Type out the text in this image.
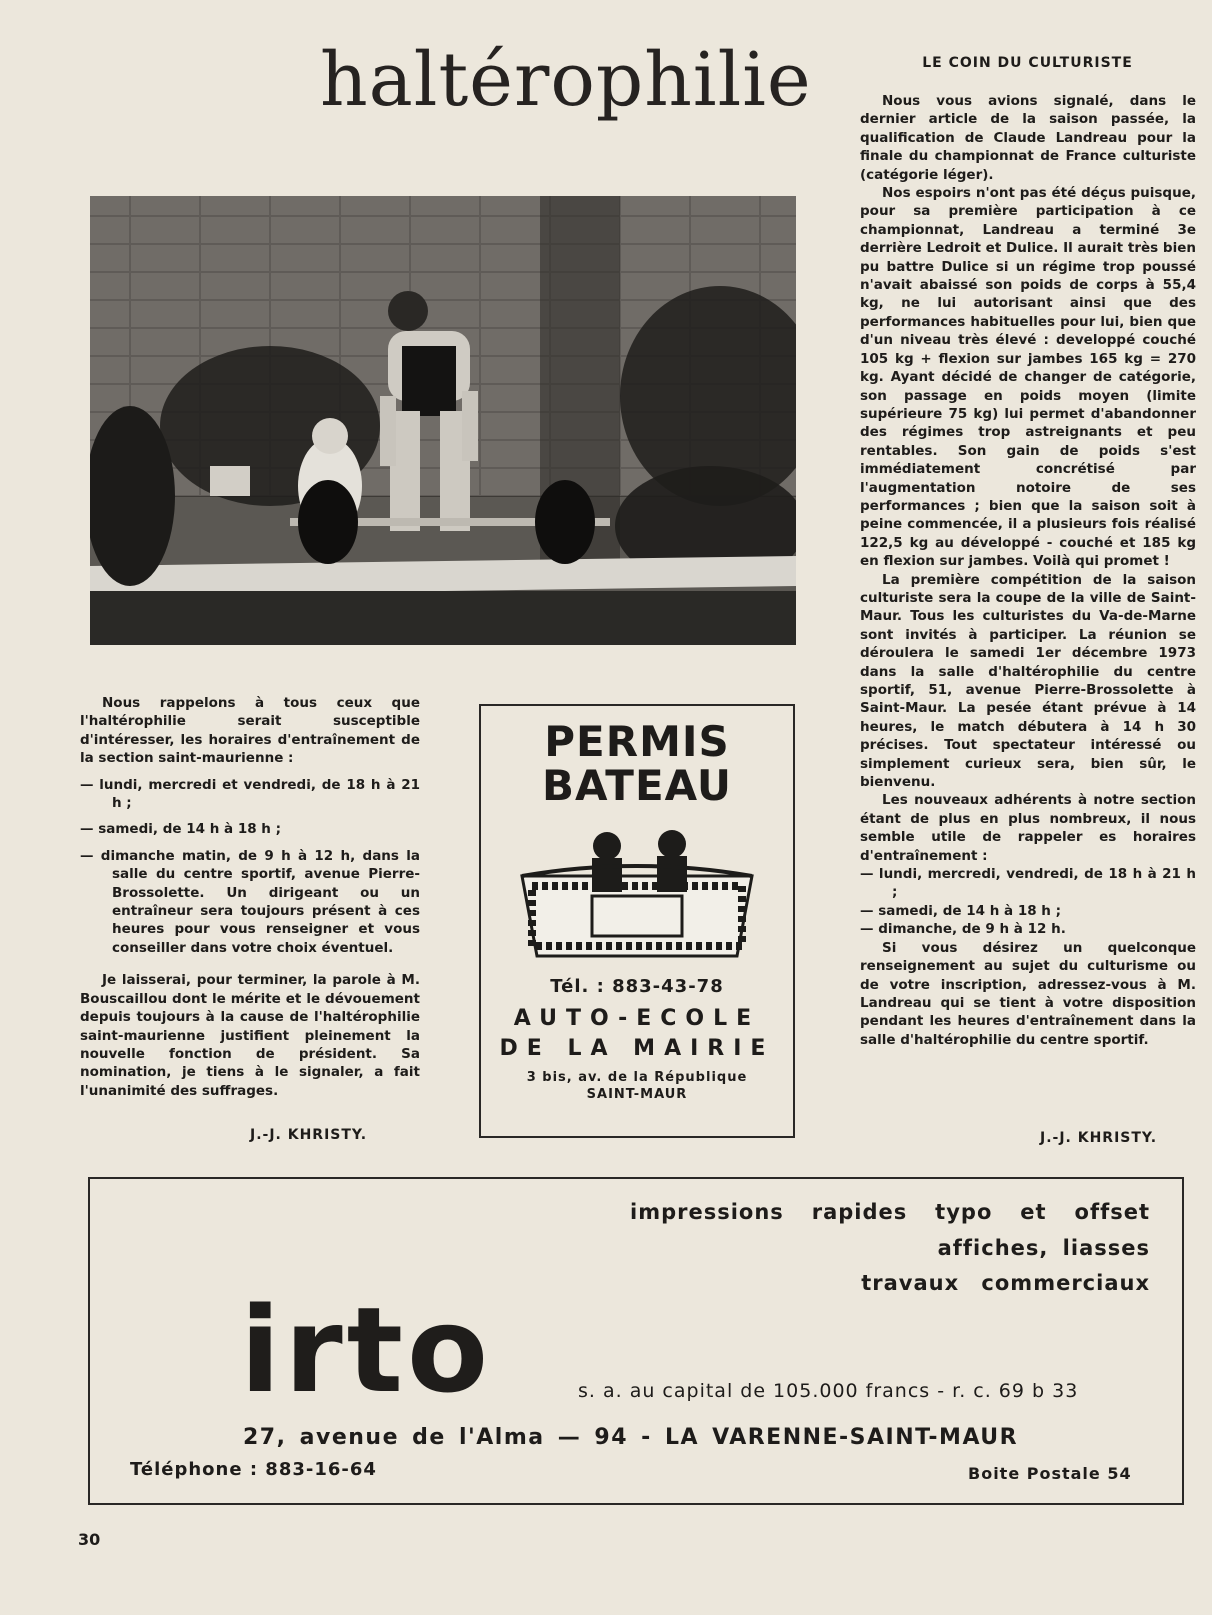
haltérophilie	LE COIN DU CULTURISTE

Nous vous avions signalé, dans le dernier article de la saison passée, la qualification de Claude Landreau pour la finale du championnat de France culturiste (catégorie léger).

Nos espoirs n'ont pas été déçus puisque, pour sa première participation à ce championnat, Landreau a terminé 3e derrière Ledroit et Dulice. Il aurait très bien pu battre Dulice si un régime trop poussé n'avait abaissé son poids de corps à 55,4 kg, ne lui autorisant ainsi que des performances habituelles pour lui, bien que d'un niveau très élevé : developpé couché 105 kg + flexion sur jambes 165 kg = 270 kg. Ayant décidé de changer de catégorie, son passage en poids moyen (limite supérieure 75 kg) lui permet d'abandonner des régimes trop astreignants et peu rentables. Son gain de poids s'est immédiatement concrétisé par l'augmentation notoire de ses performances ; bien que la saison soit à peine commencée, il a plusieurs fois réalisé 122,5 kg au développé - couché et 185 kg en flexion sur jambes. Voilà qui promet !

La première compétition de la saison culturiste sera la coupe de la ville de Saint-Maur. Tous les culturistes du Va-de-Marne sont invités à participer. La réunion se déroulera le samedi 1er décembre 1973 dans la salle d'haltérophilie du centre sportif, 51, avenue Pierre-Brossolette à Saint-Maur. La pesée étant prévue à 14 heures, le match débutera à 14 h 30 précises. Tout spectateur intéressé ou simplement curieux sera, bien sûr, le bienvenu.

Les nouveaux adhérents à notre section étant de plus en plus nombreux, il nous semble utile de rappeler es horaires d'entraînement :

— lundi, mercredi, vendredi, de 18 h à 21 h ;

— samedi, de 14 h à 18 h ;

— dimanche, de 9 h à 12 h.

Si vous désirez un quelconque renseignement au sujet du culturisme ou de votre inscription, adressez-vous à M. Landreau qui se tient à votre disposition pendant les heures d'entraînement dans la salle d'haltérophilie du centre sportif.

J.-J. KHRISTY.

Nous rappelons à tous ceux que l'haltérophilie serait susceptible d'intéresser, les horaires d'entraînement de la section saint-maurienne :

— lundi, mercredi et vendredi, de 18 h à 21 h ;

— samedi, de 14 h à 18 h ;

— dimanche matin, de 9 h à 12 h, dans la salle du centre sportif, avenue Pierre-Brossolette. Un dirigeant ou un entraîneur sera toujours présent à ces heures pour vous renseigner et vous conseiller dans votre choix éventuel.

Je laisserai, pour terminer, la parole à M. Bouscaillou dont le mérite et le dévouement depuis toujours à la cause de l'haltérophilie saint-maurienne justifient pleinement la nouvelle fonction de président. Sa nomination, je tiens à le signaler, a fait l'unanimité des suffrages.

J.-J. KHRISTY.
PERMIS
BATEAU
Tél. : 883-43-78
AUTO-ECOLE
DE LA MAIRIE
3 bis, av. de la République
SAINT-MAUR
impressions rapides typo et offset
affiches, liasses
travaux commerciaux
irto	s. a. au capital de 105.000 francs - r. c. 69 b 33
27, avenue de l'Alma — 94 - LA VARENNE-SAINT-MAUR
Téléphone : 883-16-64	Boite Postale 54
30
